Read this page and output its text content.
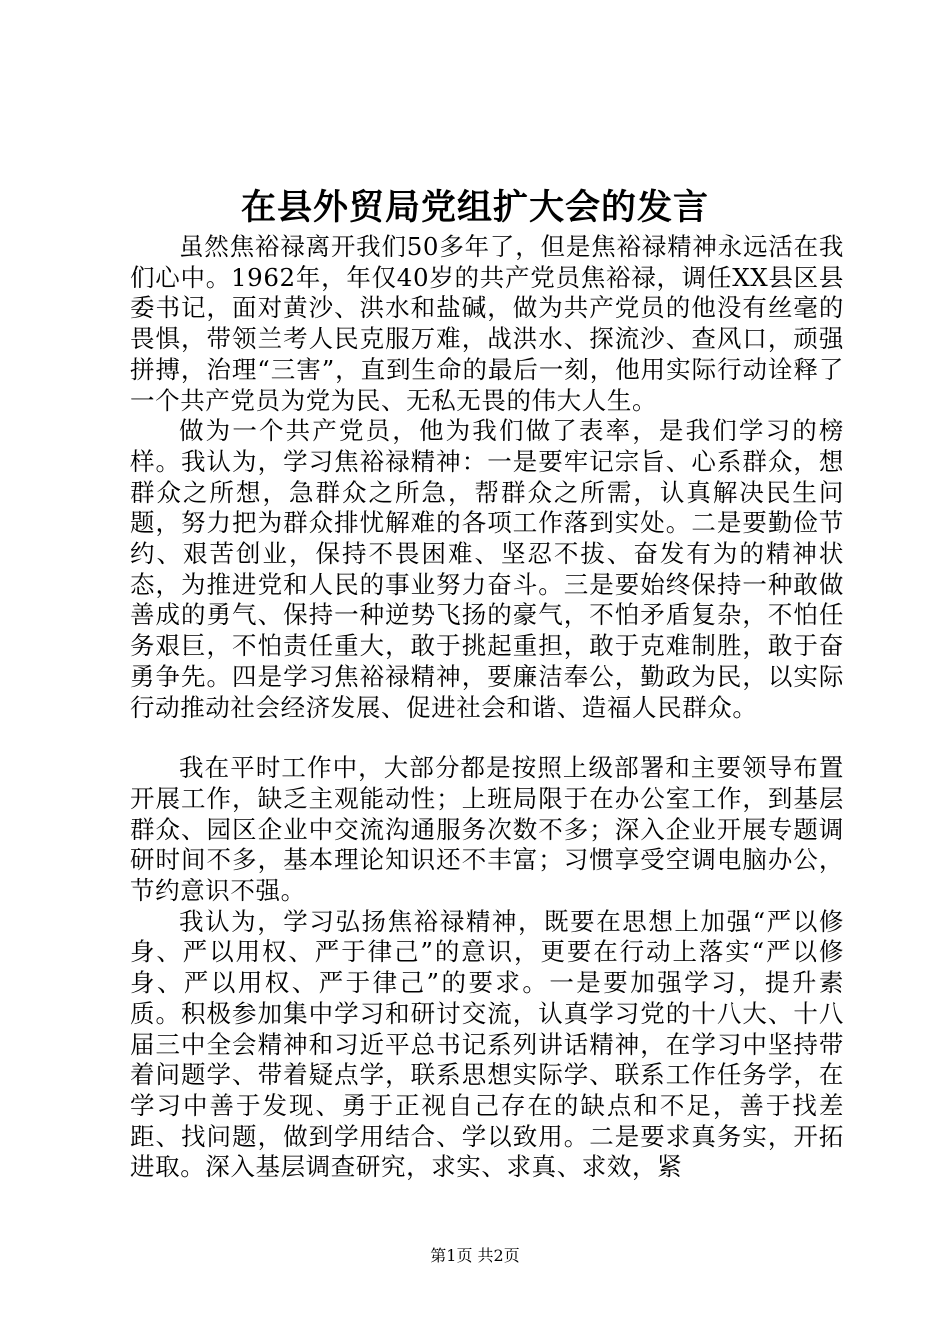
在县外贸局党组扩大会的发言

虽然焦裕禄离开我们50多年了，但是焦裕禄精神永远活在我们心中。1962年，年仅40岁的共产党员焦裕禄，调任XX县区县委书记，面对黄沙、洪水和盐碱，做为共产党员的他没有丝毫的畏惧，带领兰考人民克服万难，战洪水、探流沙、查风口，顽强拼搏，治理“三害”，直到生命的最后一刻，他用实际行动诠释了一个共产党员为党为民、无私无畏的伟大人生。

做为一个共产党员，他为我们做了表率，是我们学习的榜样。我认为，学习焦裕禄精神：一是要牢记宗旨、心系群众，想群众之所想，急群众之所急，帮群众之所需，认真解决民生问题，努力把为群众排忧解难的各项工作落到实处。二是要勤俭节约、艰苦创业，保持不畏困难、坚忍不拔、奋发有为的精神状态，为推进党和人民的事业努力奋斗。三是要始终保持一种敢做善成的勇气、保持一种逆势飞扬的豪气，不怕矛盾复杂，不怕任务艰巨，不怕责任重大，敢于挑起重担，敢于克难制胜，敢于奋勇争先。四是学习焦裕禄精神，要廉洁奉公，勤政为民，以实际行动推动社会经济发展、促进社会和谐、造福人民群众。

我在平时工作中，大部分都是按照上级部署和主要领导布置开展工作，缺乏主观能动性；上班局限于在办公室工作，到基层群众、园区企业中交流沟通服务次数不多；深入企业开展专题调研时间不多，基本理论知识还不丰富；习惯享受空调电脑办公，节约意识不强。

我认为，学习弘扬焦裕禄精神，既要在思想上加强“严以修身、严以用权、严于律己”的意识，更要在行动上落实“严以修身、严以用权、严于律己”的要求。一是要加强学习，提升素质。积极参加集中学习和研讨交流，认真学习党的十八大、十八届三中全会精神和习近平总书记系列讲话精神，在学习中坚持带着问题学、带着疑点学，联系思想实际学、联系工作任务学，在学习中善于发现、勇于正视自己存在的缺点和不足，善于找差距、找问题，做到学用结合、学以致用。二是要求真务实，开拓进取。深入基层调查研究，求实、求真、求效，紧

第1页 共2页
